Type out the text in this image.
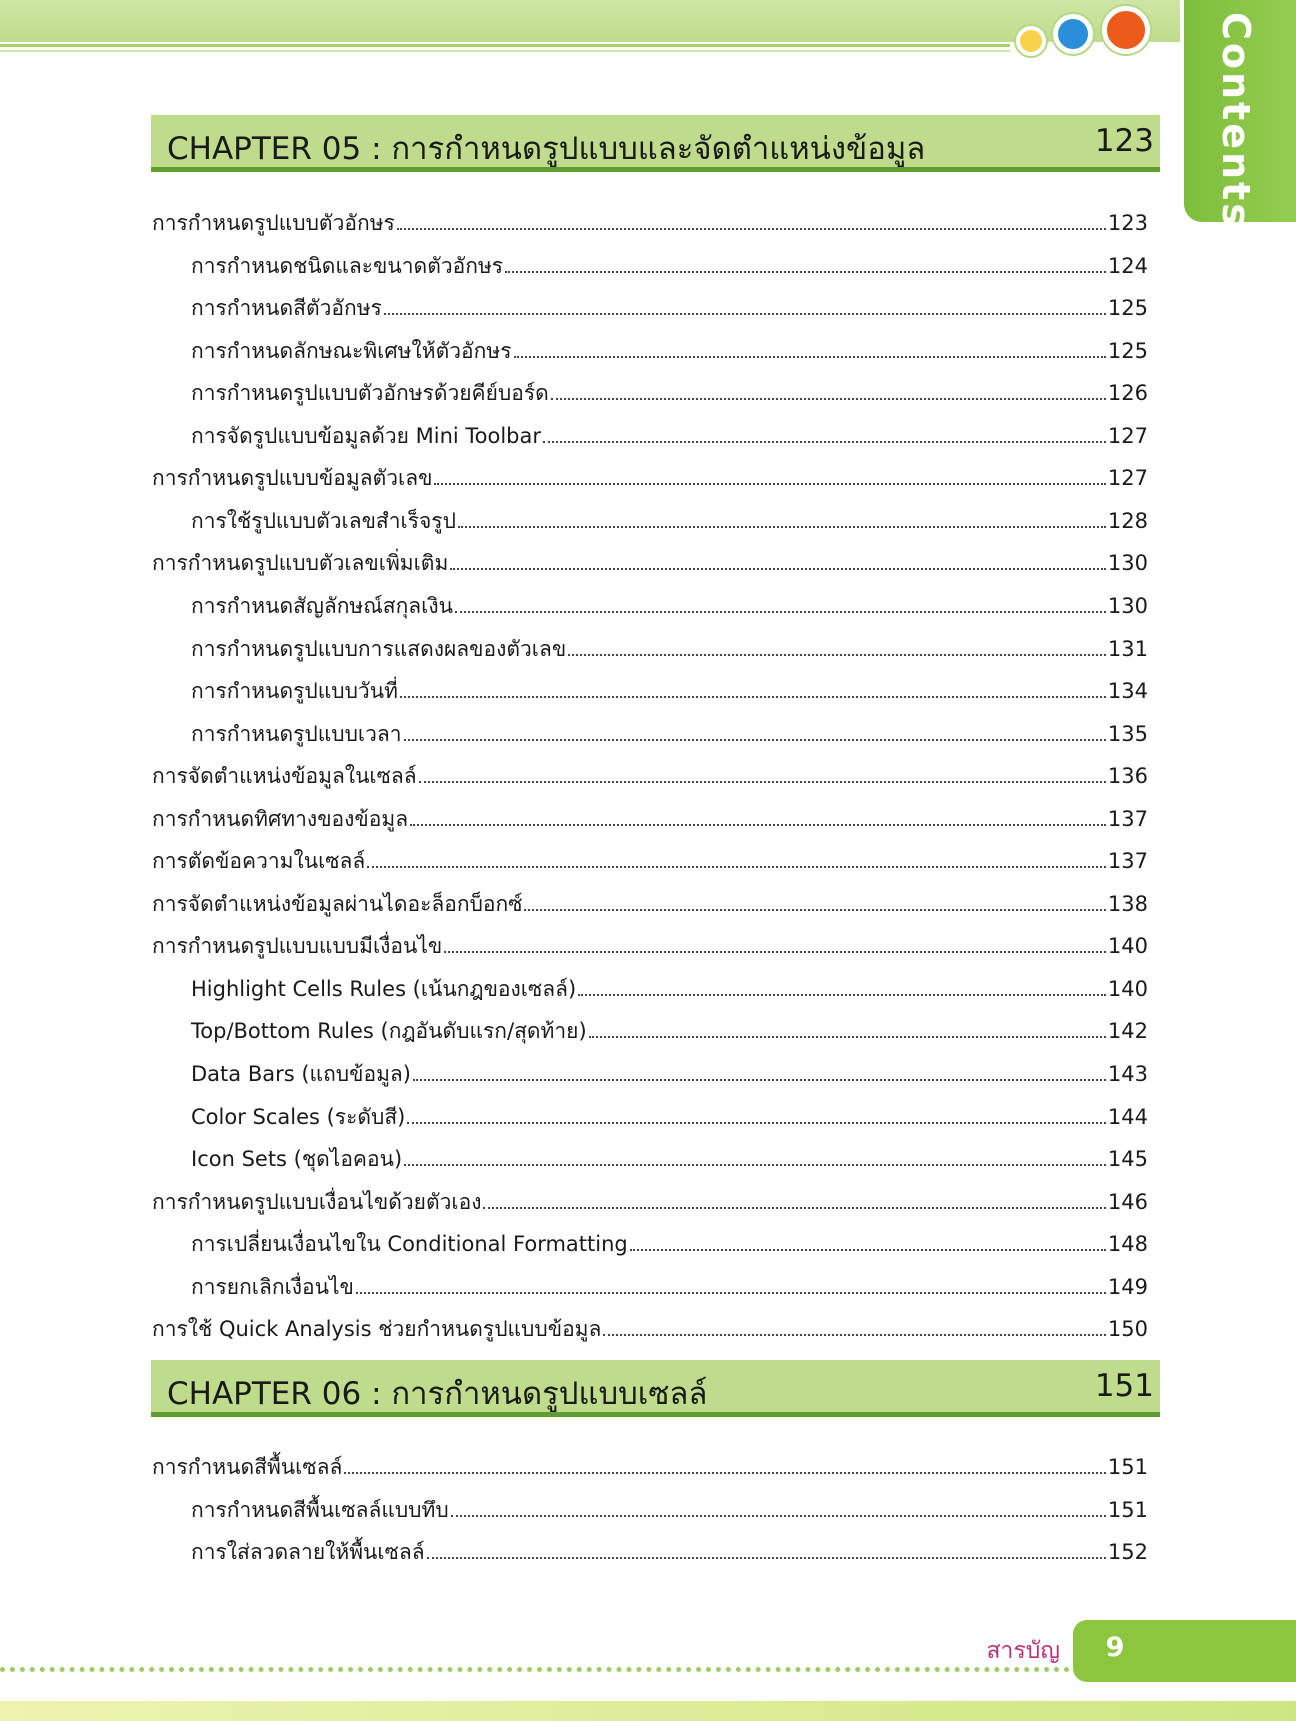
Contents
CHAPTER 05 : การกำหนดรูปแบบและจัดตำแหน่งข้อมูล	123
การกำหนดรูปแบบตัวอักษร	123
การกำหนดชนิดและขนาดตัวอักษร	124
การกำหนดสีตัวอักษร	125
การกำหนดลักษณะพิเศษให้ตัวอักษร	125
การกำหนดรูปแบบตัวอักษรด้วยคีย์บอร์ด	126
การจัดรูปแบบข้อมูลด้วย Mini Toolbar	127
การกำหนดรูปแบบข้อมูลตัวเลข	127
การใช้รูปแบบตัวเลขสำเร็จรูป	128
การกำหนดรูปแบบตัวเลขเพิ่มเติม	130
การกำหนดสัญลักษณ์สกุลเงิน	130
การกำหนดรูปแบบการแสดงผลของตัวเลข	131
การกำหนดรูปแบบวันที่	134
การกำหนดรูปแบบเวลา	135
การจัดตำแหน่งข้อมูลในเซลล์	136
การกำหนดทิศทางของข้อมูล	137
การตัดข้อความในเซลล์	137
การจัดตำแหน่งข้อมูลผ่านไดอะล็อกบ็อกซ์	138
การกำหนดรูปแบบแบบมีเงื่อนไข	140
Highlight Cells Rules (เน้นกฎของเซลล์)	140
Top/Bottom Rules (กฎอันดับแรก/สุดท้าย)	142
Data Bars (แถบข้อมูล)	143
Color Scales (ระดับสี)	144
Icon Sets (ชุดไอคอน)	145
การกำหนดรูปแบบเงื่อนไขด้วยตัวเอง	146
การเปลี่ยนเงื่อนไขใน Conditional Formatting	148
การยกเลิกเงื่อนไข	149
การใช้ Quick Analysis ช่วยกำหนดรูปแบบข้อมูล	150
CHAPTER 06 : การกำหนดรูปแบบเซลล์	151
การกำหนดสีพื้นเซลล์	151
การกำหนดสีพื้นเซลล์แบบทึบ	151
การใส่ลวดลายให้พื้นเซลล์	152
สารบัญ	9
